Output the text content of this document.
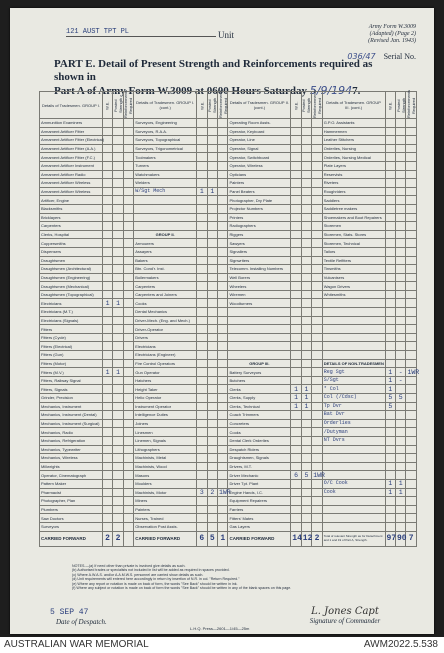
121 AUST TPT PL	Unit
Army Form W.3009
(Adapted) (Page 2)
(Revised Jan. 1943)
036/47 Serial No.
PART E. Detail of Present Strength and Reinforcements required as shown in
Part A of Army Form W.3009 at 0600 Hours Saturday 5/9/1947.
Details of Tradesmen. GROUP I.	W.E.	Posted Strength	Reinforcements Required	Details of Tradesmen. GROUP I. (cont.)	W.E.	Posted Strength	Reinforcements Required	Details of Tradesmen. GROUP II. (cont.)	W.E.	Posted Strength	Reinforcements Required	Details of Tradesmen. GROUP III. (cont.)	W.E.	Posted Strength	Reinforcements Required
Ammunition Examiners				Surveyors, Engineering				Operating Room Assts.				G.P.O. Assistants			
Armament Artificer Fitter				Surveyors, R.A.A.				Operator, Keyboard				Hammermen			
Armament Artificer Fitter (Electrical)				Surveyors, Topographical				Operator, Line				Leather Stitchers			
Armament Artificer Fitter (A.A.)				Surveyors, Trigonometrical				Operator, Signal				Orderlies, Nursing			
Armament Artificer Fitter (F.C.)				Toolmakers				Operator, Switchboard				Orderlies, Nursing Medical			
Armament Artificer Instrument				Turners				Operator, Wireless				Plate Layers			
Armament Artificer Radio				Watchmakers				Opticians				Reservists			
Armament Artificer Wireless				Welders				Painters				Riveters			
Armament Artificer Wireless				W/Sgt Mech	1	1		Panel Beaters				Roughriders			
Artificer, Engine								Photographer, Dry Plate				Saddlers			
Blacksmiths								Projector Numbers				Saddletree makers			
Bricklayers								Printers				Shoemakers and Boot Repairers			
Carpenters								Radiographers				Storemen			
Clerks, Hospital				GROUP II.				Riggers				Storemen, Stats. Stores			
Coppersmiths				Armourers				Sawyers				Storemen, Technical			
Dispensers				Assayers				Signallers				Tailors			
Draughtsmen				Bakers				Signwriters				Textile Refitters			
Draughtsmen (Architectural)				Btn. Cond'r. Inst.				Telecomm. Installing Numbers				Tinsmiths			
Draughtsmen (Engineering)				Boilermakers				Well Borers				Vulcanisers			
Draughtsmen (Mechanical)				Carpenters				Wheelers				Wagon Drivers			
Draughtsmen (Topographical)				Carpenters and Joiners				Wiremen				Whitesmiths			
Electricians	1	1		Cooks				Woodturners							
Electricians (M.T.)				Dental Mechanics											
Electricians (Signals)				Driver-Mech. (Eng. and Mech.)											
Fitters				Driver-Operator											
Fitters (Cycle)				Drivers											
Fitters (Electrical)				Electricians											
Fitters (Gun)				Electricians (Engineer)											
Fitters (Motor)				Fire Control Operators				GROUP III.				DETAILS OF NON-TRADESMEN			
Fitters (M.V.)	1	1		Gun Operator				Battery Surveyors				Reg Sgt	1	-	1WR
Fitters, Railway Signal				Hatchers				Butchers				S/Sgt	1	-	
Fitters, Signals				Height Taker				Clerks	1	1		* Col	1		
Grinder, Precision				Helio Operator				Clerks, Supply	1	1		Col (/Cdsc)	5	5	
Mechanics, Instrument				Instrument Operator				Clerks, Technical	1	1		Tp Dvr	5		
Mechanics, Instrument (Dental)				Intelligence Duties				Coach Trimmers				Bat Dvr			
Mechanics, Instrument (Surgical)				Joiners				Concreters				Orderlies			
Mechanics, Radio				Linesmen				Cooks				/Dutyman			
Mechanics, Refrigeration				Linemen, Signals				Dental Clerk Orderlies				NT Dvrs			
Mechanics, Typewriter				Lithographers				Despatch Riders							
Mechanics, Wireless				Machinists, Metal				Draughtsmen, Signals							
Millwrights				Machinists, Wood				Drivers, M.T.							
Operator, Cinematograph				Masons				Driver Mechanic	6	5	1WR				
Pattern Maker				Moulders				Driver Tpt. Plant				O/C Cook	1	1	
Pharmacist				Machinists, Motor	3	2	1WR	Engine Hands, I.C.				Cook	1	1	
Photographer, Plan				Miners				Equipment Repairers							
Plumbers				Painters				Farriers							
Saw Doctors				Nurses, Trained				Fitters' Mates							
Surveyors				Observation Post Assts.				Gas Layers							
CARRIED FORWARD	2	2		CARRIED FORWARD	6	5	1	CARRIED FORWARD	14	12	2	Total of relevant Strength as for Detachment and 1 and 19 of Part A, Strength.	97	90	7
NOTES.—(a) If need other than private is involved give details as such.
(b) Authorised trades or specialists not included in list will be added as required in spaces provided.
(c) Where A.W.A.S. and/or A.A.M.W.S. personnel are carried show details as such.
(d) Unit requirements will entered here accordingly in return by insertion of N.R. in col. "Return Required."
(e) Where any report or notation is made on back of form, the words "See Back" should be written in ink.
(f) Where any subject or notation is made on back of form the words "See Back" should be written in any of the blank spaces on this page.
5 SEP 47
Date of Despatch.
L.H.Q. Press—2601—1/45—25m
L. Jones Capt
Signature of Commander
AUSTRALIAN WAR MEMORIAL	AWM2022.5.538
